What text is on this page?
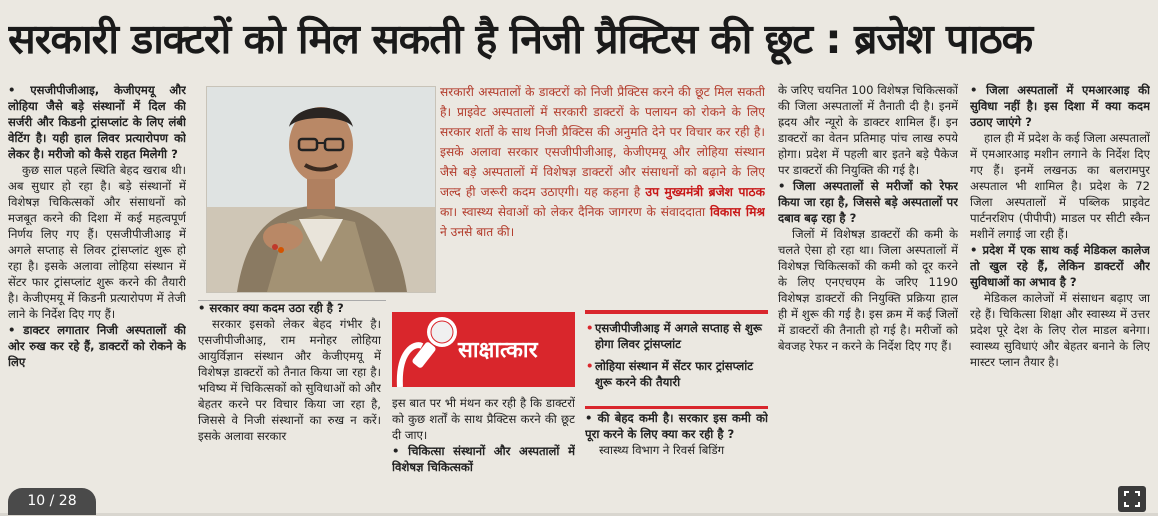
सरकारी डाक्टरों को मिल सकती है निजी प्रैक्टिस की छूट : ब्रजेश पाठक

• एसजीपीजीआइ, केजीएमयू और लोहिया जैसे बड़े संस्थानों में दिल की सर्जरी और किडनी ट्रांसप्लांट के लिए लंबी वेटिंग है। यही हाल लिवर प्रत्यारोपण को लेकर है। मरीजो को कैसे राहत मिलेगी ?

कुछ साल पहले स्थिति बेहद खराब थी। अब सुधार हो रहा है। बड़े संस्थानों में विशेषज्ञ चिकित्सकों और संसाधनों को मजबूत करने की दिशा में कई महत्वपूर्ण निर्णय लिए गए हैं। एसजीपीजीआइ में अगले सप्ताह से लिवर ट्रांसप्लांट शुरू हो रहा है। इसके अलावा लोहिया संस्थान में सेंटर फार ट्रांसप्लांट शुरू करने की तैयारी है। केजीएमयू में किडनी प्रत्यारोपण में तेजी लाने के निर्देश दिए गए हैं।

• डाक्टर लगातार निजी अस्पतालों की ओर रुख कर रहे हैं, डाक्टरों को रोकने के लिए

सरकारी अस्पतालों के डाक्टरों को निजी प्रैक्टिस करने की छूट मिल सकती है। प्राइवेट अस्पतालों में सरकारी डाक्टरों के पलायन को रोकने के लिए सरकार शर्तों के साथ निजी प्रैक्टिस की अनुमति देने पर विचार कर रही है। इसके अलावा सरकार एसजीपीजीआइ, केजीएमयू और लोहिया संस्थान जैसे बड़े अस्पतालों में विशेषज्ञ डाक्टरों और संसाधनों को बढ़ाने के लिए जल्द ही जरूरी कदम उठाएगी। यह कहना है उप मुख्यमंत्री ब्रजेश पाठक का। स्वास्थ्य सेवाओं को लेकर दैनिक जागरण के संवाददाता विकास मिश्र ने उनसे बात की।

• सरकार क्या कदम उठा रही है ?

सरकार इसको लेकर बेहद गंभीर है। एसजीपीजीआइ, राम मनोहर लोहिया आयुर्विज्ञान संस्थान और केजीएमयू में विशेषज्ञ डाक्टरों को तैनात किया जा रहा है। भविष्य में चिकित्सकों को सुविधाओं को और बेहतर करने पर विचार किया जा रहा है, जिससे वे निजी संस्थानों का रुख न करें। इसके अलावा सरकार

साक्षात्कार

इस बात पर भी मंथन कर रही है कि डाक्टरों को कुछ शर्तों के साथ प्रैक्टिस करने की छूट दी जाए।

• चिकित्सा संस्थानों और अस्पतालों में विशेषज्ञ चिकित्सकों

• एसजीपीजीआइ में अगले सप्ताह से शुरू होगा लिवर ट्रांसप्लांट
• लोहिया संस्थान में सेंटर फार ट्रांसप्लांट शुरू करने की तैयारी

• की बेहद कमी है। सरकार इस कमी को पूरा करने के लिए क्या कर रही है ?

स्वास्थ्य विभाग ने रिवर्स बिडिंग

के जरिए चयनित 100 विशेषज्ञ चिकित्सकों की जिला अस्पतालों में तैनाती दी है। इनमें ह्रदय और न्यूरो के डाक्टर शामिल हैं। इन डाक्टरों का वेतन प्रतिमाह पांच लाख रुपये होगा। प्रदेश में पहली बार इतने बड़े पैकेज पर डाक्टरों की नियुक्ति की गई है।

• जिला अस्पतालों से मरीजों को रेफर किया जा रहा है, जिससे बड़े अस्पतालों पर दबाव बढ़ रहा है ?

जिलों में विशेषज्ञ डाक्टरों की कमी के चलते ऐसा हो रहा था। जिला अस्पतालों में विशेषज्ञ चिकित्सकों की कमी को दूर करने के लिए एनएचएम के जरिए 1190 विशेषज्ञ डाक्टरों की नियुक्ति प्रक्रिया हाल ही में शुरू की गई है। इस क्रम में कई जिलों में डाक्टरों की तैनाती हो गई है। मरीजों को बेवजह रेफर न करने के निर्देश दिए गए हैं।

• जिला अस्पतालों में एमआरआइ की सुविधा नहीं है। इस दिशा में क्या कदम उठाए जाएंगे ?

हाल ही में प्रदेश के कई जिला अस्पतालों में एमआरआइ मशीन लगाने के निर्देश दिए गए हैं। इनमें लखनऊ का बलरामपुर अस्पताल भी शामिल है। प्रदेश के 72 जिला अस्पतालों में पब्लिक प्राइवेट पार्टनरशिप (पीपीपी) माडल पर सीटी स्कैन मशीनें लगाई जा रही हैं।

• प्रदेश में एक साथ कई मेडिकल कालेज तो खुल रहे हैं, लेकिन डाक्टरों और सुविधाओं का अभाव है ?

मेडिकल कालेजों में संसाधन बढ़ाए जा रहे हैं। चिकित्सा शिक्षा और स्वास्थ्य में उत्तर प्रदेश पूरे देश के लिए रोल माडल बनेगा। स्वास्थ्य सुविधाएं और बेहतर बनाने के लिए मास्टर प्लान तैयार है।

10 / 28
